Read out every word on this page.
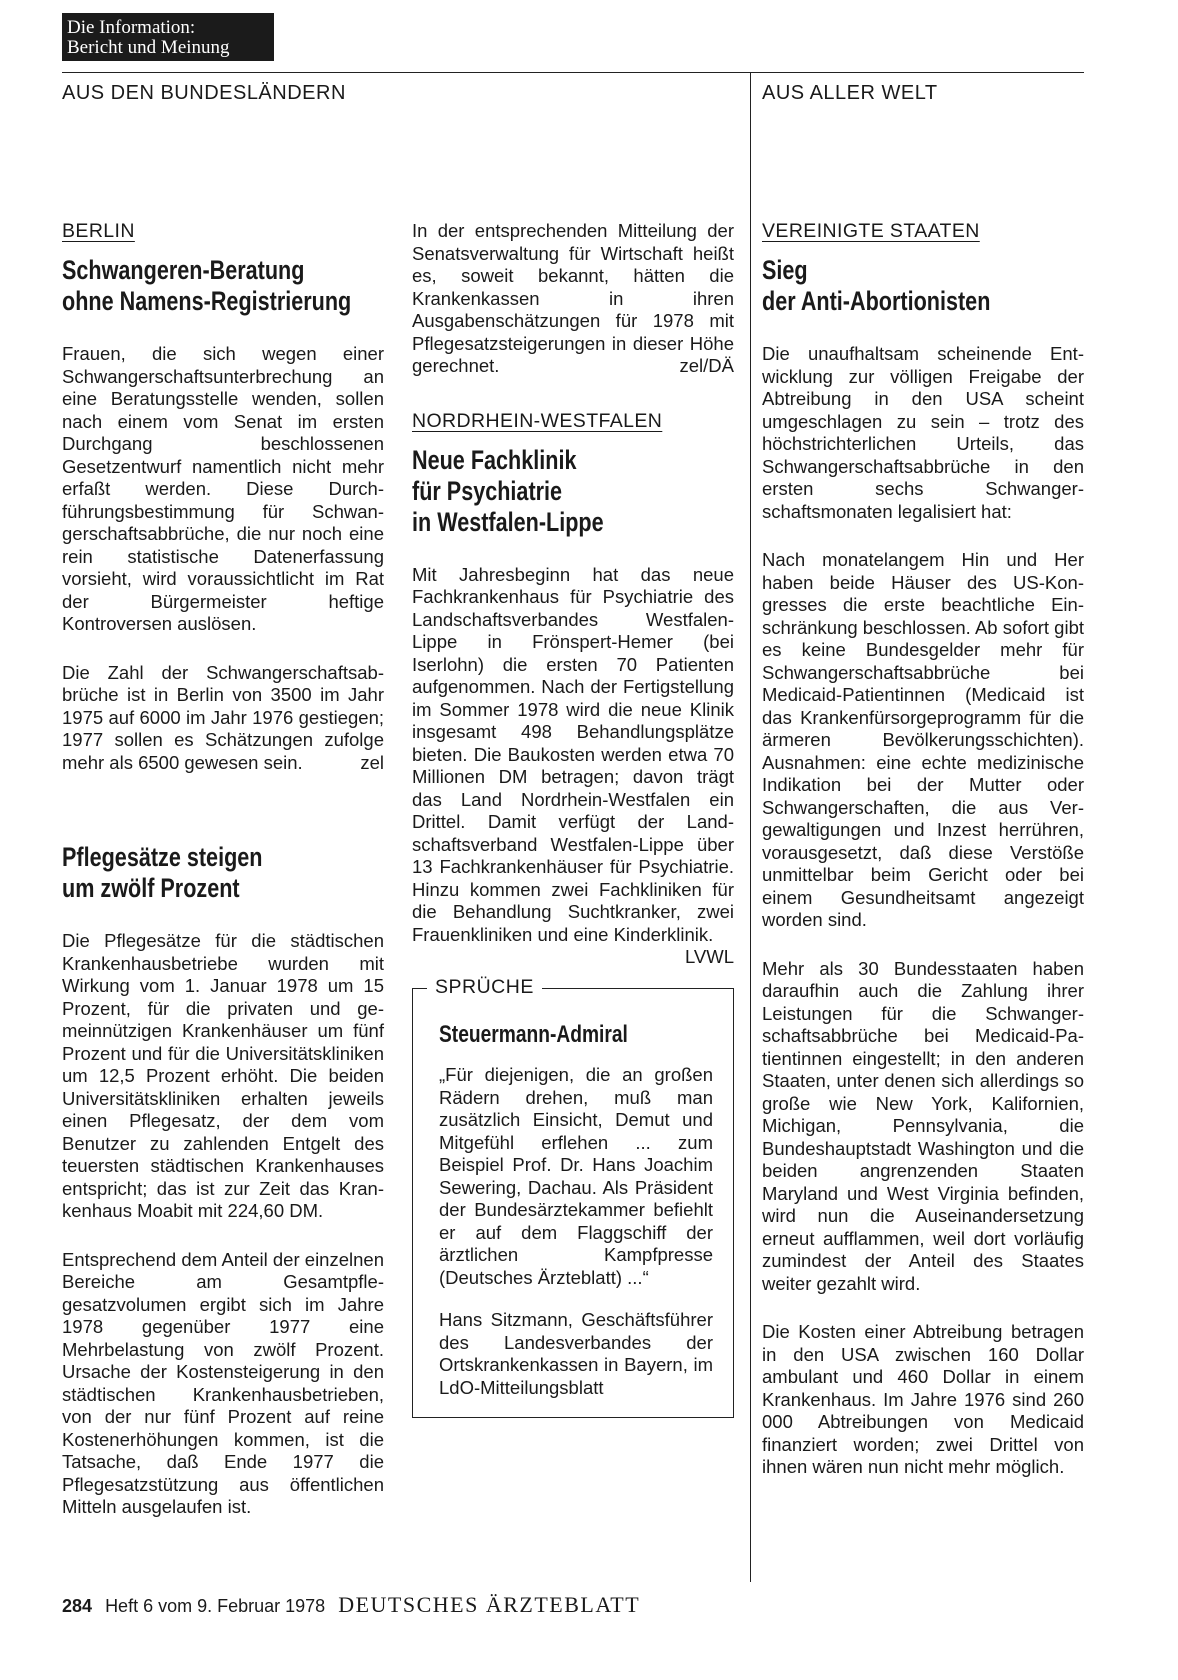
Die Information:
Bericht und Meinung
AUS DEN BUNDESLÄNDERN	AUS ALLER WELT
BERLIN
Schwangeren-Beratung
ohne Namens-Registrierung

Frauen, die sich wegen einer Schwangerschaftsunterbrechung an eine Beratungsstelle wenden, sollen nach einem vom Senat im ersten Durchgang beschlossenen Gesetzentwurf namentlich nicht mehr erfaßt werden. Diese Durchführungsbestimmung für Schwangerschaftsabbrüche, die nur noch eine rein statistische Datenerfassung vorsieht, wird voraussichtlicht im Rat der Bürgermeister heftige Kontroversen auslösen.

Die Zahl der Schwangerschaftsabbrüche ist in Berlin von 3500 im Jahr 1975 auf 6000 im Jahr 1976 gestiegen; 1977 sollen es Schätzungen zufolge mehr als 6500 gewesen sein.	zel

Pflegesätze steigen
um zwölf Prozent

Die Pflegesätze für die städtischen Krankenhausbetriebe wurden mit Wirkung vom 1. Januar 1978 um 15 Prozent, für die privaten und gemeinnützigen Krankenhäuser um fünf Prozent und für die Universitätskliniken um 12,5 Prozent erhöht. Die beiden Universitätskliniken erhalten jeweils einen Pflegesatz, der dem vom Benutzer zu zahlenden Entgelt des teuersten städtischen Krankenhauses entspricht; das ist zur Zeit das Krankenhaus Moabit mit 224,60 DM.

Entsprechend dem Anteil der einzelnen Bereiche am Gesamtpflegesatzvolumen ergibt sich im Jahre 1978 gegenüber 1977 eine Mehrbelastung von zwölf Prozent. Ursache der Kostensteigerung in den städtischen Krankenhausbetrieben, von der nur fünf Prozent auf reine Kostenerhöhungen kommen, ist die Tatsache, daß Ende 1977 die Pflegesatzstützung aus öffentlichen Mitteln ausgelaufen ist.

In der entsprechenden Mitteilung der Senatsverwaltung für Wirtschaft heißt es, soweit bekannt, hätten die Krankenkassen in ihren Ausgabenschätzungen für 1978 mit Pflegesatzsteigerungen in dieser Höhe gerechnet.	zel/DÄ

NORDRHEIN-WESTFALEN
Neue Fachklinik
für Psychiatrie
in Westfalen-Lippe

Mit Jahresbeginn hat das neue Fachkrankenhaus für Psychiatrie des Landschaftsverbandes Westfalen-Lippe in Frönspert-Hemer (bei Iserlohn) die ersten 70 Patienten aufgenommen. Nach der Fertigstellung im Sommer 1978 wird die neue Klinik insgesamt 498 Behandlungsplätze bieten. Die Baukosten werden etwa 70 Millionen DM betragen; davon trägt das Land Nordrhein-Westfalen ein Drittel. Damit verfügt der Landschaftsverband Westfalen-Lippe über 13 Fachkrankenhäuser für Psychiatrie. Hinzu kommen zwei Fachkliniken für die Behandlung Suchtkranker, zwei Frauenkliniken und eine Kinderklinik.
LVWL

SPRÜCHE
Steuermann-Admiral

„Für diejenigen, die an großen Rädern drehen, muß man zusätzlich Einsicht, Demut und Mitgefühl erflehen ... zum Beispiel Prof. Dr. Hans Joachim Sewering, Dachau. Als Präsident der Bundesärztekammer befiehlt er auf dem Flaggschiff der ärztlichen Kampfpresse (Deutsches Ärzteblatt) ...“

Hans Sitzmann, Geschäftsführer des Landesverbandes der Ortskrankenkassen in Bayern, im LdO-Mitteilungsblatt

VEREINIGTE STAATEN
Sieg
der Anti-Abortionisten

Die unaufhaltsam scheinende Entwicklung zur völligen Freigabe der Abtreibung in den USA scheint umgeschlagen zu sein – trotz des höchstrichterlichen Urteils, das Schwangerschaftsabbrüche in den ersten sechs Schwangerschaftsmonaten legalisiert hat:

Nach monatelangem Hin und Her haben beide Häuser des US-Kongresses die erste beachtliche Einschränkung beschlossen. Ab sofort gibt es keine Bundesgelder mehr für Schwangerschaftsabbrüche bei Medicaid-Patientinnen (Medicaid ist das Krankenfürsorgeprogramm für die ärmeren Bevölkerungsschichten). Ausnahmen: eine echte medizinische Indikation bei der Mutter oder Schwangerschaften, die aus Vergewaltigungen und Inzest herrühren, vorausgesetzt, daß diese Verstöße unmittelbar beim Gericht oder bei einem Gesundheitsamt angezeigt worden sind.

Mehr als 30 Bundesstaaten haben daraufhin auch die Zahlung ihrer Leistungen für die Schwangerschaftsabbrüche bei Medicaid-Patientinnen eingestellt; in den anderen Staaten, unter denen sich allerdings so große wie New York, Kalifornien, Michigan, Pennsylvania, die Bundeshauptstadt Washington und die beiden angrenzenden Staaten Maryland und West Virginia befinden, wird nun die Auseinandersetzung erneut aufflammen, weil dort vorläufig zumindest der Anteil des Staates weiter gezahlt wird.

Die Kosten einer Abtreibung betragen in den USA zwischen 160 Dollar ambulant und 460 Dollar in einem Krankenhaus. Im Jahre 1976 sind 260 000 Abtreibungen von Medicaid finanziert worden; zwei Drittel von ihnen wären nun nicht mehr möglich.

284 Heft 6 vom 9. Februar 1978 DEUTSCHES ÄRZTEBLATT
